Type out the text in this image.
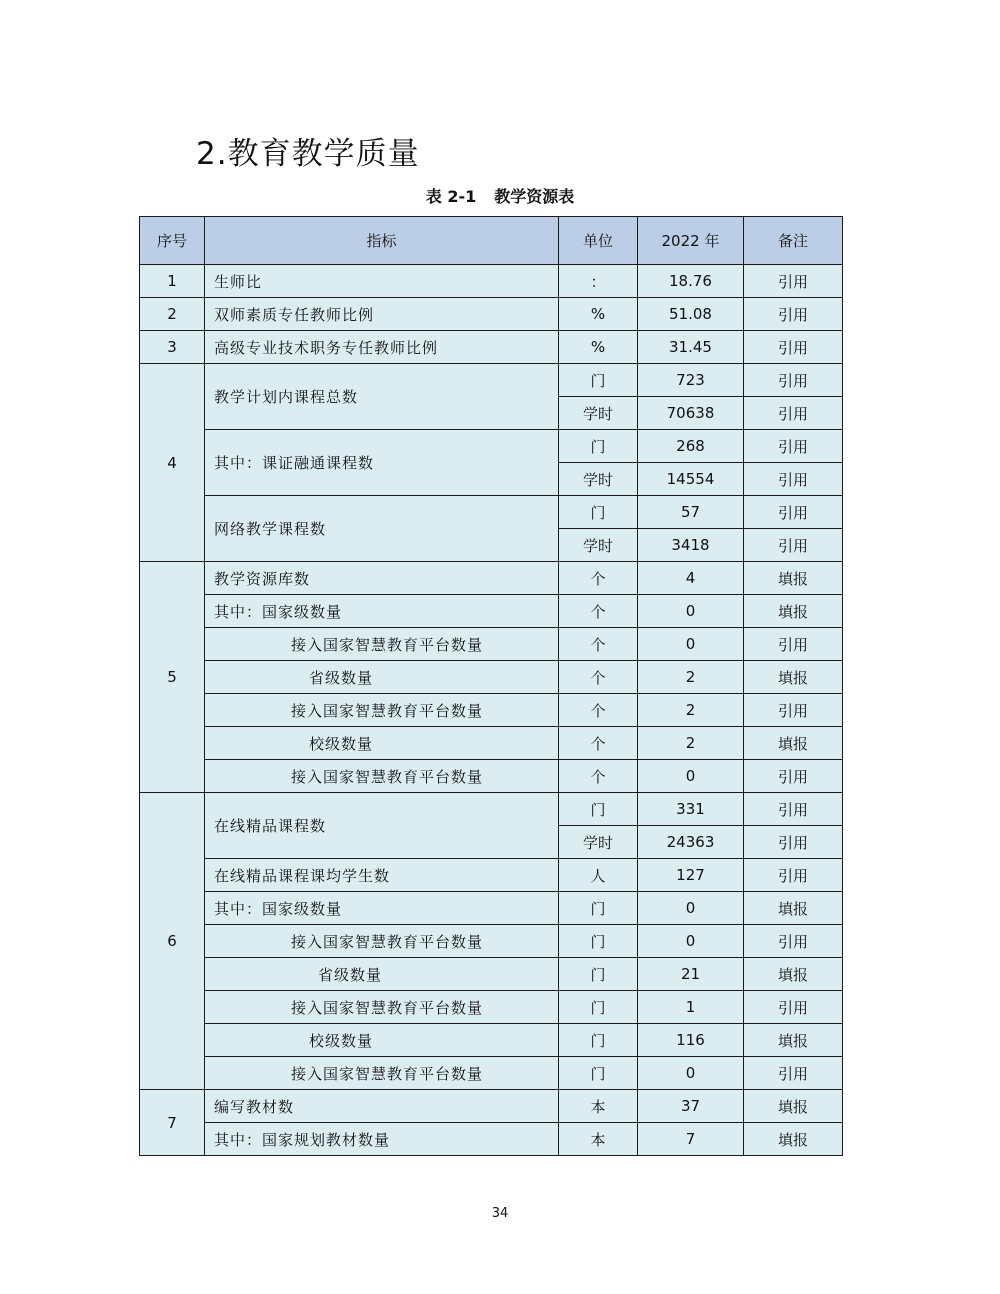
2.教育教学质量
表 2-1 教学资源表
序号	指标	单位	2022 年	备注
1	生师比	：	18.76	引用
2	双师素质专任教师比例	%	51.08	引用
3	高级专业技术职务专任教师比例	%	31.45	引用
4	教学计划内课程总数	门	723	引用
		学时	70638	引用
	其中：课证融通课程数	门	268	引用
		学时	14554	引用
	网络教学课程数	门	57	引用
		学时	3418	引用
5	教学资源库数	个	4	填报
	其中：国家级数量	个	0	填报
	接入国家智慧教育平台数量	个	0	引用
	省级数量	个	2	填报
	接入国家智慧教育平台数量	个	2	引用
	校级数量	个	2	填报
	接入国家智慧教育平台数量	个	0	引用
6	在线精品课程数	门	331	引用
		学时	24363	引用
	在线精品课程课均学生数	人	127	引用
	其中：国家级数量	门	0	填报
	接入国家智慧教育平台数量	门	0	引用
	省级数量	门	21	填报
	接入国家智慧教育平台数量	门	1	引用
	校级数量	门	116	填报
	接入国家智慧教育平台数量	门	0	引用
7	编写教材数	本	37	填报
	其中：国家规划教材数量	本	7	填报
34
